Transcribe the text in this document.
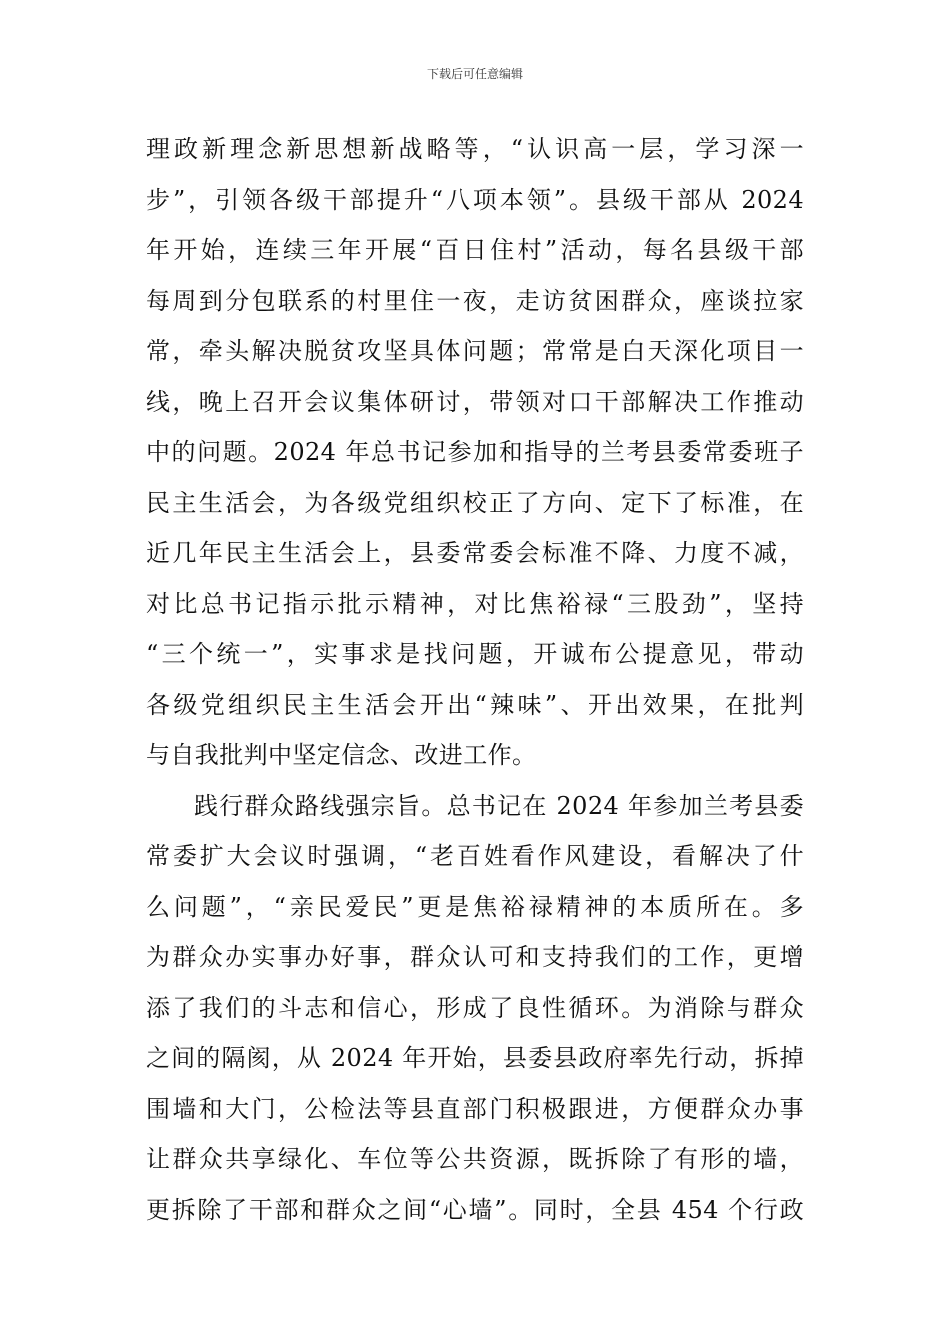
下载后可任意编辑
理政新理念新思想新战略等，“认识高一层，学习深一
步”，引领各级干部提升“八项本领”。县级干部从 2024
年开始，连续三年开展“百日住村”活动，每名县级干部
每周到分包联系的村里住一夜，走访贫困群众，座谈拉家
常，牵头解决脱贫攻坚具体问题；常常是白天深化项目一
线，晚上召开会议集体研讨，带领对口干部解决工作推动
中的问题。2024 年总书记参加和指导的兰考县委常委班子
民主生活会，为各级党组织校正了方向、定下了标准，在
近几年民主生活会上，县委常委会标准不降、力度不减，
对比总书记指示批示精神，对比焦裕禄“三股劲”，坚持
“三个统一”，实事求是找问题，开诚布公提意见，带动
各级党组织民主生活会开出“辣味”、开出效果，在批判
与自我批判中坚定信念、改进工作。
践行群众路线强宗旨。总书记在 2024 年参加兰考县委
常委扩大会议时强调，“老百姓看作风建设，看解决了什
么问题”，“亲民爱民”更是焦裕禄精神的本质所在。多
为群众办实事办好事，群众认可和支持我们的工作，更增
添了我们的斗志和信心，形成了良性循环。为消除与群众
之间的隔阂，从 2024 年开始，县委县政府率先行动，拆掉
围墙和大门，公检法等县直部门积极跟进，方便群众办事
让群众共享绿化、车位等公共资源，既拆除了有形的墙，
更拆除了干部和群众之间“心墙”。同时，全县 454 个行政
